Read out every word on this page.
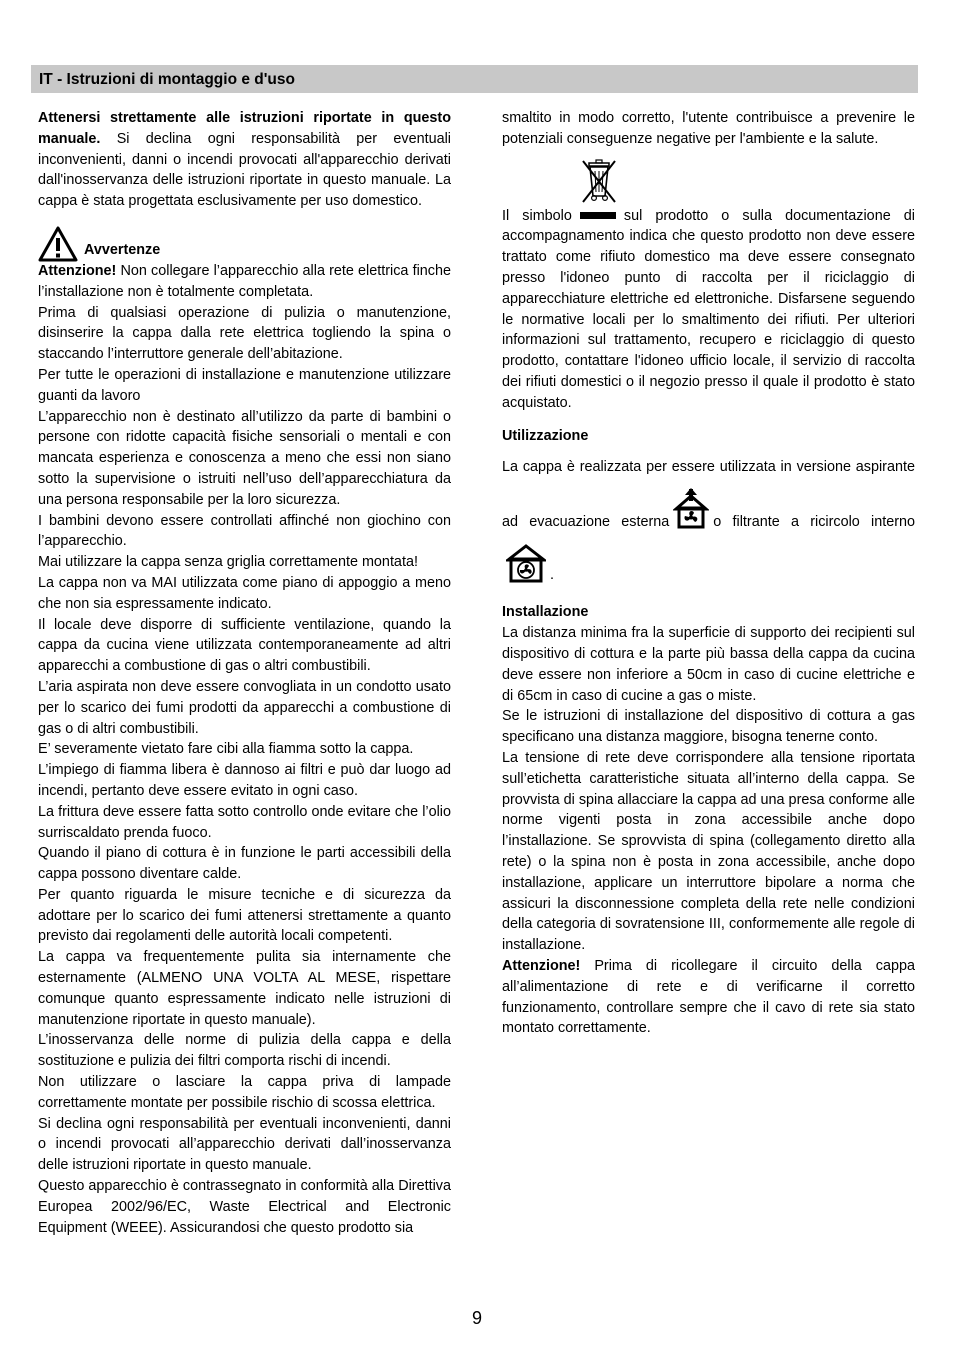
IT - Istruzioni di montaggio e d'uso

Attenersi strettamente alle istruzioni riportate in questo manuale. Si declina ogni responsabilità per eventuali inconvenienti, danni o incendi provocati all'apparecchio derivati dall'inosservanza delle istruzioni riportate in questo manuale. La cappa è stata progettata esclusivamente per uso domestico.

Avvertenze

Attenzione! Non collegare l’apparecchio alla rete elettrica finche l’installazione non è totalmente completata.

Prima di qualsiasi operazione di pulizia o manutenzione, disinserire la cappa dalla rete elettrica togliendo la spina o staccando l’interruttore generale dell’abitazione.

Per tutte le operazioni di installazione e manutenzione utilizzare guanti da lavoro

L’apparecchio non è destinato all’utilizzo da parte di bambini o persone con ridotte capacità fisiche sensoriali o mentali e con mancata esperienza e conoscenza a meno che essi non siano sotto la supervisione o istruiti nell’uso dell’apparecchiatura da una persona responsabile per la loro sicurezza.

I bambini devono essere controllati affinché non giochino con l’apparecchio.

Mai utilizzare la cappa senza griglia correttamente montata!

La cappa non va MAI utilizzata come piano di appoggio a meno che non sia espressamente indicato.

Il locale deve disporre di sufficiente ventilazione, quando la cappa da cucina viene utilizzata contemporaneamente ad altri apparecchi a combustione di gas o altri combustibili.

L’aria aspirata non deve essere convogliata in un condotto usato per lo scarico dei fumi prodotti da apparecchi a combustione di gas o di altri combustibili.

E’ severamente vietato fare cibi alla fiamma sotto la cappa.

L’impiego di fiamma libera è dannoso ai filtri e può dar luogo ad incendi, pertanto deve essere evitato in ogni caso.

La frittura deve essere fatta sotto controllo onde evitare che l’olio surriscaldato prenda fuoco.

Quando il piano di cottura è in funzione le parti accessibili della cappa possono diventare calde.

Per quanto riguarda le misure tecniche e di sicurezza da adottare per lo scarico dei fumi attenersi strettamente a quanto previsto dai regolamenti delle autorità locali competenti.

La cappa va frequentemente pulita sia internamente che esternamente (ALMENO UNA VOLTA AL MESE, rispettare comunque quanto espressamente indicato nelle istruzioni di manutenzione riportate in questo manuale).

L’inosservanza delle norme di pulizia della cappa e della sostituzione e pulizia dei filtri comporta rischi di incendi.

Non utilizzare o lasciare la cappa priva di lampade correttamente montate per possibile rischio di scossa elettrica.

Si declina ogni responsabilità per eventuali inconvenienti, danni o incendi provocati all’apparecchio derivati dall’inosservanza delle istruzioni riportate in questo manuale.

Questo apparecchio è contrassegnato in conformità alla Direttiva Europea 2002/96/EC, Waste Electrical and Electronic Equipment (WEEE). Assicurandosi che questo prodotto sia

smaltito in modo corretto, l'utente contribuisce a prevenire le potenziali conseguenze negative per l'ambiente e la salute.

Il simbolo	sul prodotto o sulla documentazione di accompagnamento indica che questo prodotto non deve essere trattato come rifiuto domestico ma deve essere consegnato presso l'idoneo punto di raccolta per il riciclaggio di apparecchiature elettriche ed elettroniche. Disfarsene seguendo le normative locali per lo smaltimento dei rifiuti. Per ulteriori informazioni sul trattamento, recupero e riciclaggio di questo prodotto, contattare l'idoneo ufficio locale, il servizio di raccolta dei rifiuti domestici o il negozio presso il quale il prodotto è stato acquistato.

Utilizzazione

La cappa è realizzata per essere utilizzata in versione aspirante ad evacuazione esterna	o filtrante a ricircolo interno.

Installazione

La distanza minima fra la superficie di supporto dei recipienti sul dispositivo di cottura e la parte più bassa della cappa da cucina deve essere non inferiore a 50cm in caso di cucine elettriche e di 65cm in caso di cucine a gas o miste.

Se le istruzioni di installazione del dispositivo di cottura a gas specificano una distanza maggiore, bisogna tenerne conto.

La tensione di rete deve corrispondere alla tensione riportata sull’etichetta caratteristiche situata all’interno della cappa. Se provvista di spina allacciare la cappa ad una presa conforme alle norme vigenti posta in zona accessibile anche dopo l’installazione. Se sprovvista di spina (collegamento diretto alla rete) o la spina non è posta in zona accessibile, anche dopo installazione, applicare un interruttore bipolare a norma che assicuri la disconnessione completa della rete nelle condizioni della categoria di sovratensione III, conformemente alle regole di installazione.

Attenzione! Prima di ricollegare il circuito della cappa all’alimentazione di rete e di verificarne il corretto funzionamento, controllare sempre che il cavo di rete sia stato montato correttamente.

9
